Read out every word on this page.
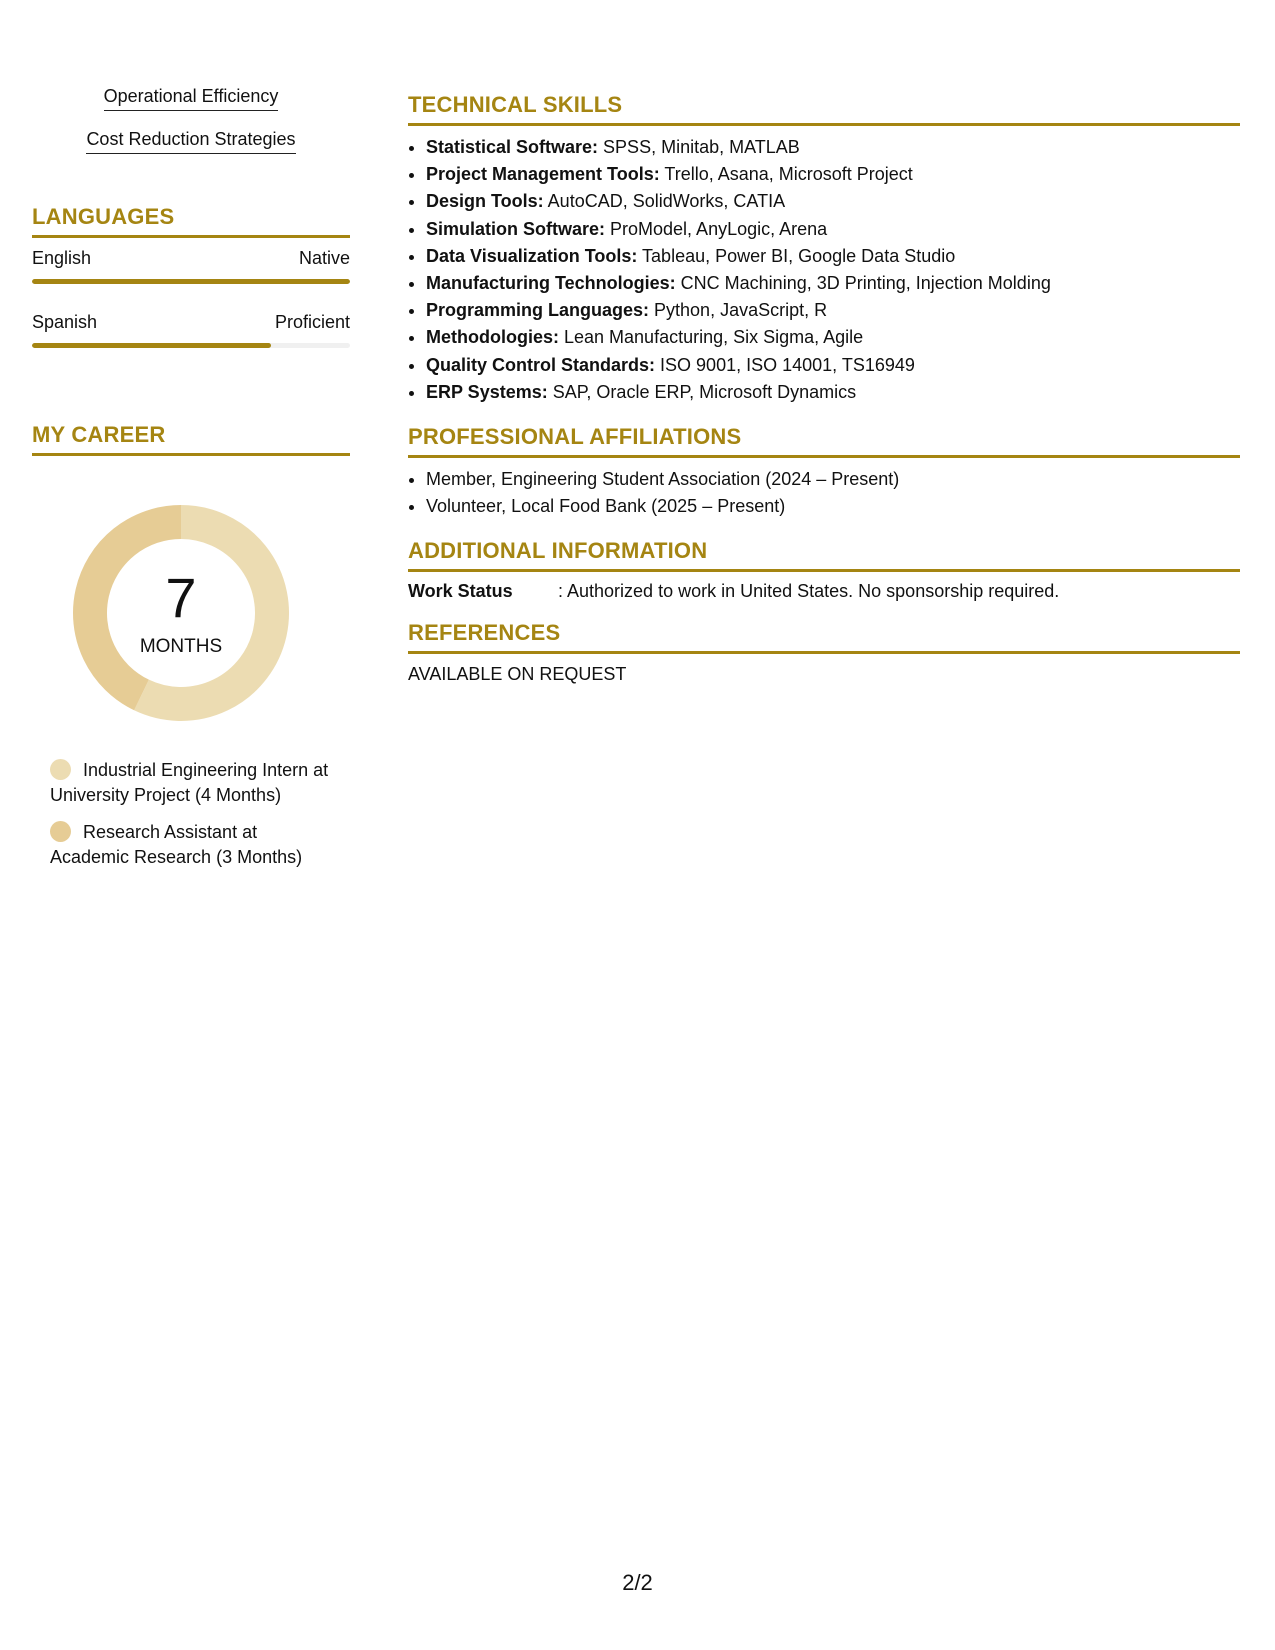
Operational Efficiency
Cost Reduction Strategies
LANGUAGES
English	Native
Spanish	Proficient
MY CAREER
7
MONTHS
Industrial Engineering Intern at University Project (4 Months)
Research Assistant at Academic Research (3 Months)
TECHNICAL SKILLS
• Statistical Software: SPSS, Minitab, MATLAB
• Project Management Tools: Trello, Asana, Microsoft Project
• Design Tools: AutoCAD, SolidWorks, CATIA
• Simulation Software: ProModel, AnyLogic, Arena
• Data Visualization Tools: Tableau, Power BI, Google Data Studio
• Manufacturing Technologies: CNC Machining, 3D Printing, Injection Molding
• Programming Languages: Python, JavaScript, R
• Methodologies: Lean Manufacturing, Six Sigma, Agile
• Quality Control Standards: ISO 9001, ISO 14001, TS16949
• ERP Systems: SAP, Oracle ERP, Microsoft Dynamics
PROFESSIONAL AFFILIATIONS
• Member, Engineering Student Association (2024 – Present)
• Volunteer, Local Food Bank (2025 – Present)
ADDITIONAL INFORMATION
Work Status	: Authorized to work in United States. No sponsorship required.
REFERENCES
AVAILABLE ON REQUEST
2/2
